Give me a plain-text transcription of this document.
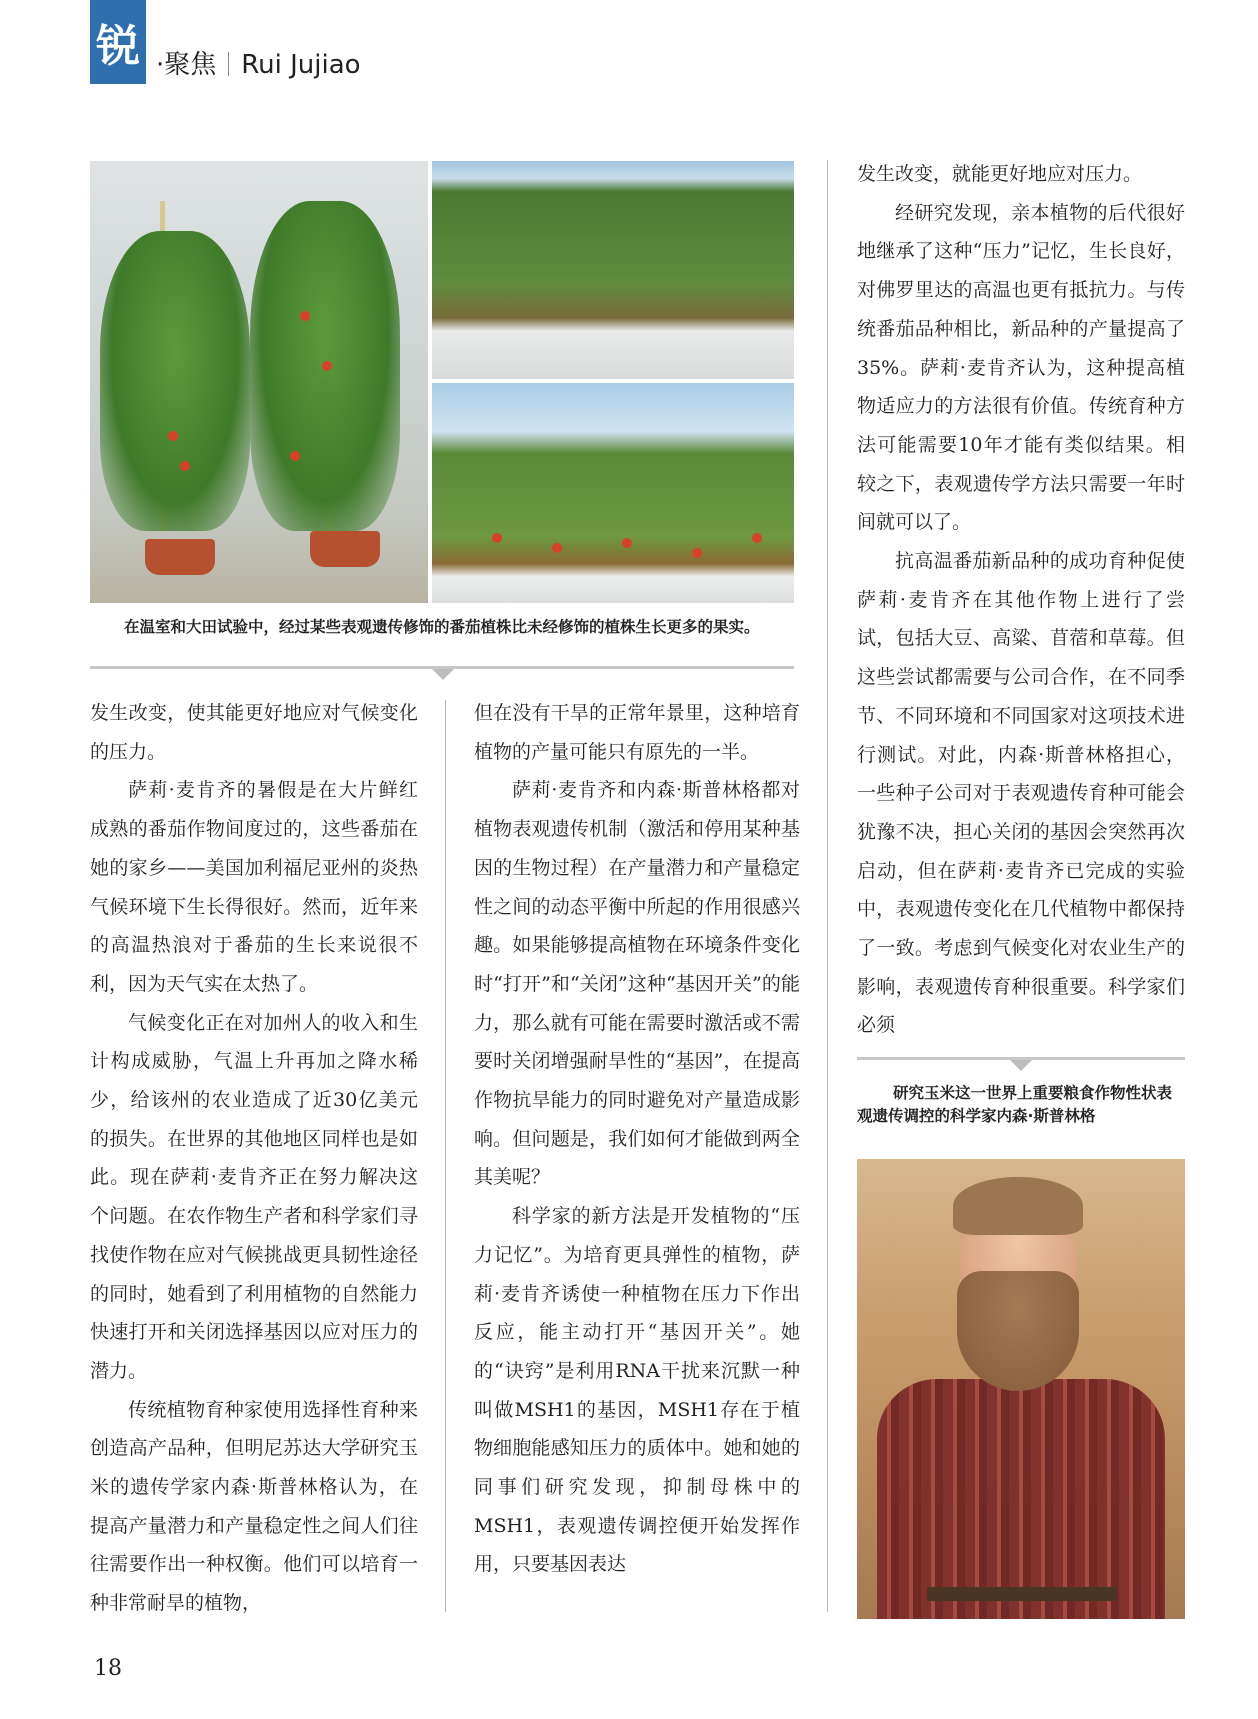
锐 ·聚焦 Rui Jujiao
在温室和大田试验中，经过某些表观遗传修饰的番茄植株比未经修饰的植株生长更多的果实。

发生改变，使其能更好地应对气候变化的压力。

萨莉·麦肯齐的暑假是在大片鲜红成熟的番茄作物间度过的，这些番茄在她的家乡——美国加利福尼亚州的炎热气候环境下生长得很好。然而，近年来的高温热浪对于番茄的生长来说很不利，因为天气实在太热了。

气候变化正在对加州人的收入和生计构成威胁，气温上升再加之降水稀少，给该州的农业造成了近30亿美元的损失。在世界的其他地区同样也是如此。现在萨莉·麦肯齐正在努力解决这个问题。在农作物生产者和科学家们寻找使作物在应对气候挑战更具韧性途径的同时，她看到了利用植物的自然能力快速打开和关闭选择基因以应对压力的潜力。

传统植物育种家使用选择性育种来创造高产品种，但明尼苏达大学研究玉米的遗传学家内森·斯普林格认为，在提高产量潜力和产量稳定性之间人们往往需要作出一种权衡。他们可以培育一种非常耐旱的植物，

但在没有干旱的正常年景里，这种培育植物的产量可能只有原先的一半。

萨莉·麦肯齐和内森·斯普林格都对植物表观遗传机制（激活和停用某种基因的生物过程）在产量潜力和产量稳定性之间的动态平衡中所起的作用很感兴趣。如果能够提高植物在环境条件变化时“打开”和“关闭”这种“基因开关”的能力，那么就有可能在需要时激活或不需要时关闭增强耐旱性的“基因”，在提高作物抗旱能力的同时避免对产量造成影响。但问题是，我们如何才能做到两全其美呢？

科学家的新方法是开发植物的“压力记忆”。为培育更具弹性的植物，萨莉·麦肯齐诱使一种植物在压力下作出反应，能主动打开“基因开关”。她的“诀窍”是利用RNA干扰来沉默一种叫做MSH1的基因，MSH1存在于植物细胞能感知压力的质体中。她和她的同事们研究发现，抑制母株中的MSH1，表观遗传调控便开始发挥作用，只要基因表达

发生改变，就能更好地应对压力。

经研究发现，亲本植物的后代很好地继承了这种“压力”记忆，生长良好，对佛罗里达的高温也更有抵抗力。与传统番茄品种相比，新品种的产量提高了35%。萨莉·麦肯齐认为，这种提高植物适应力的方法很有价值。传统育种方法可能需要10年才能有类似结果。相较之下，表观遗传学方法只需要一年时间就可以了。

抗高温番茄新品种的成功育种促使萨莉·麦肯齐在其他作物上进行了尝试，包括大豆、高粱、苜蓿和草莓。但这些尝试都需要与公司合作，在不同季节、不同环境和不同国家对这项技术进行测试。对此，内森·斯普林格担心，一些种子公司对于表观遗传育种可能会犹豫不决，担心关闭的基因会突然再次启动，但在萨莉·麦肯齐已完成的实验中，表观遗传变化在几代植物中都保持了一致。考虑到气候变化对农业生产的影响，表观遗传育种很重要。科学家们必须

研究玉米这一世界上重要粮食作物性状表观遗传调控的科学家内森·斯普林格
18
